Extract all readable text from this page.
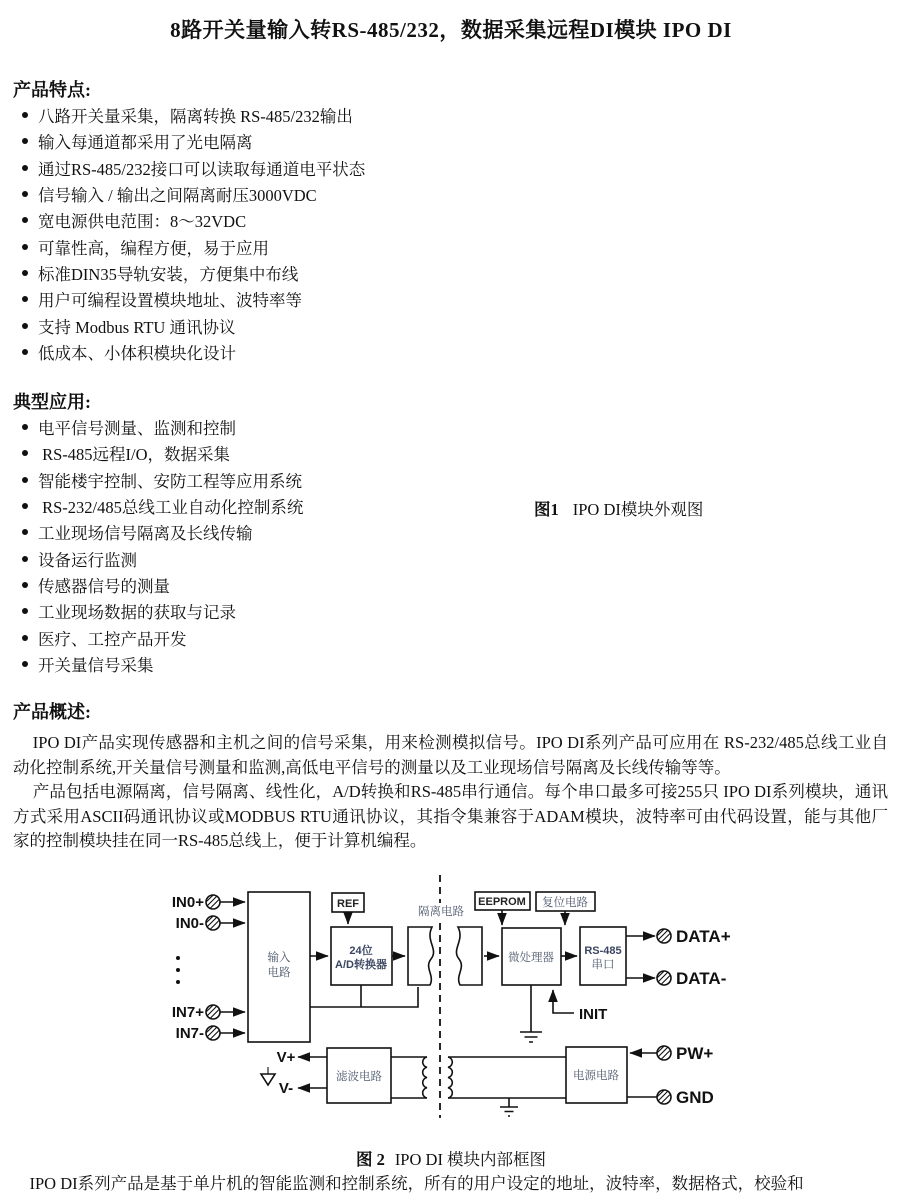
8路开关量输入转RS-485/232，数据采集远程DI模块 IPO DI
产品特点:
八路开关量采集，隔离转换 RS-485/232输出
输入每通道都采用了光电隔离
通过RS-485/232接口可以读取每通道电平状态
信号输入 / 输出之间隔离耐压3000VDC
宽电源供电范围：8～32VDC
可靠性高，编程方便，易于应用
标准DIN35导轨安装，方便集中布线
用户可编程设置模块地址、波特率等
支持 Modbus RTU 通讯协议
低成本、小体积模块化设计
典型应用:
电平信号测量、监测和控制
RS-485远程I/O，数据采集
智能楼宇控制、安防工程等应用系统
RS-232/485总线工业自动化控制系统
工业现场信号隔离及长线传输
设备运行监测
传感器信号的测量
工业现场数据的获取与记录
医疗、工控产品开发
开关量信号采集
图1 IPO DI模块外观图
产品概述:

IPO DI产品实现传感器和主机之间的信号采集，用来检测模拟信号。IPO DI系列产品可应用在 RS-232/485总线工业自动化控制系统,开关量信号测量和监测,高低电平信号的测量以及工业现场信号隔离及长线传输等等。

产品包括电源隔离，信号隔离、线性化，A/D转换和RS-485串行通信。每个串口最多可接255只 IPO DI系列模块，通讯方式采用ASCII码通讯协议或MODBUS RTU通讯协议，其指令集兼容于ADAM模块，波特率可由代码设置，能与其他厂家的控制模块挂在同一RS-485总线上，便于计算机编程。

IN0+
IN0-
IN7+
IN7-
输入
电路
REF
24位
A/D转换器
隔离电路
EEPROM 复位电路
微处理器
INIT
RS-485
串口
DATA+
DATA-
PW+
GND
滤波电路
V+
V-
电源电路
图 2 IPO DI 模块内部框图
IPO DI系列产品是基于单片机的智能监测和控制系统，所有的用户设定的地址，波特率，数据格式，校验和
